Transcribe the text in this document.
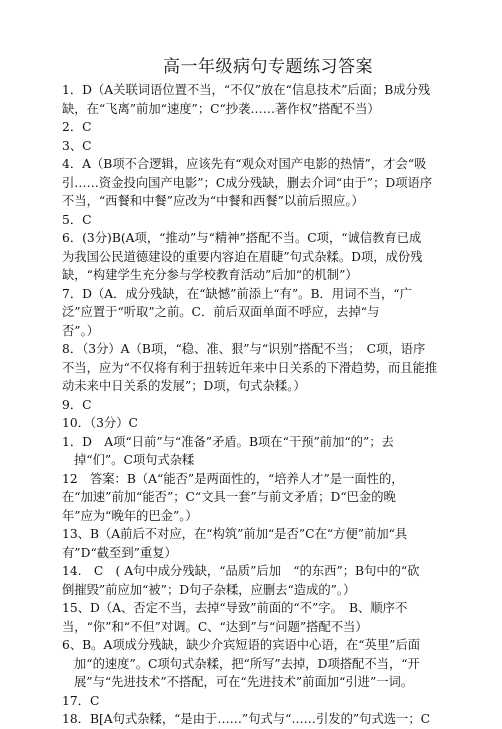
高一年级病句专题练习答案
1．D（A关联词语位置不当，“不仅”放在“信息技术”后面；B成分残
缺，在“飞离”前加“速度”；C“抄袭……著作权”搭配不当）
2．C
3、C
4．A（B项不合逻辑，应该先有“观众对国产电影的热情”，才会“吸
引……资金投向国产电影”；C成分残缺，删去介词“由于”；D项语序
不当，“西餐和中餐”应改为“中餐和西餐”以前后照应。）
5．C
6．(3分)B(A项，“推动”与“精神”搭配不当。C项，“诚信教育已成
为我国公民道德建设的重要内容迫在眉睫”句式杂糅。D项，成份残
缺，“构建学生充分参与学校教育活动”后加“的机制”）
7．D（A．成分残缺，在“缺憾”前添上“有”。B．用词不当，“广
泛”应置于“听取”之前。C．前后双面单面不呼应，去掉“与
否”。）
8．（3分）A（B项，“稳、准、狠”与“识别”搭配不当；　C项，语序
不当，应为“不仅将有利于扭转近年来中日关系的下滑趋势，而且能推
动未来中日关系的发展”；D项，句式杂糅。）
9．C
10．（3分）C
1．D　A项“日前”与“准备”矛盾。B项在“干预”前加“的”；去
掉“们”。C项句式杂糅
12　答案：B（A“能否”是两面性的，“培养人才”是一面性的，
在“加速”前加“能否”；C“文具一套”与前文矛盾；D“巴金的晚
年”应为“晚年的巴金”。）
13、B（A前后不对应，在“构筑”前加“是否”C在“方便”前加“具
有”D“截至到”重复）
14.　C　( A句中成分残缺，“品质”后加　“的东西”；B句中的“砍
倒摧毁”前应加“被”；D句子杂糅，应删去“造成的”。）
15、D（A、否定不当，去掉“导致”前面的“不”字。　B、顺序不
当，“你”和“不但”对调。C、“达到”与“问题”搭配不当）
6、B。A项成分残缺，缺少介宾短语的宾语中心语，在“英里”后面
加“的速度”。C项句式杂糅，把“所写”去掉，D项搭配不当，“开
展”与“先进技术”不搭配，可在“先进技术”前面加“引进”一词。
17．C
18．B[A句式杂糅，“是由于……”句式与“……引发的”句式选一；C
